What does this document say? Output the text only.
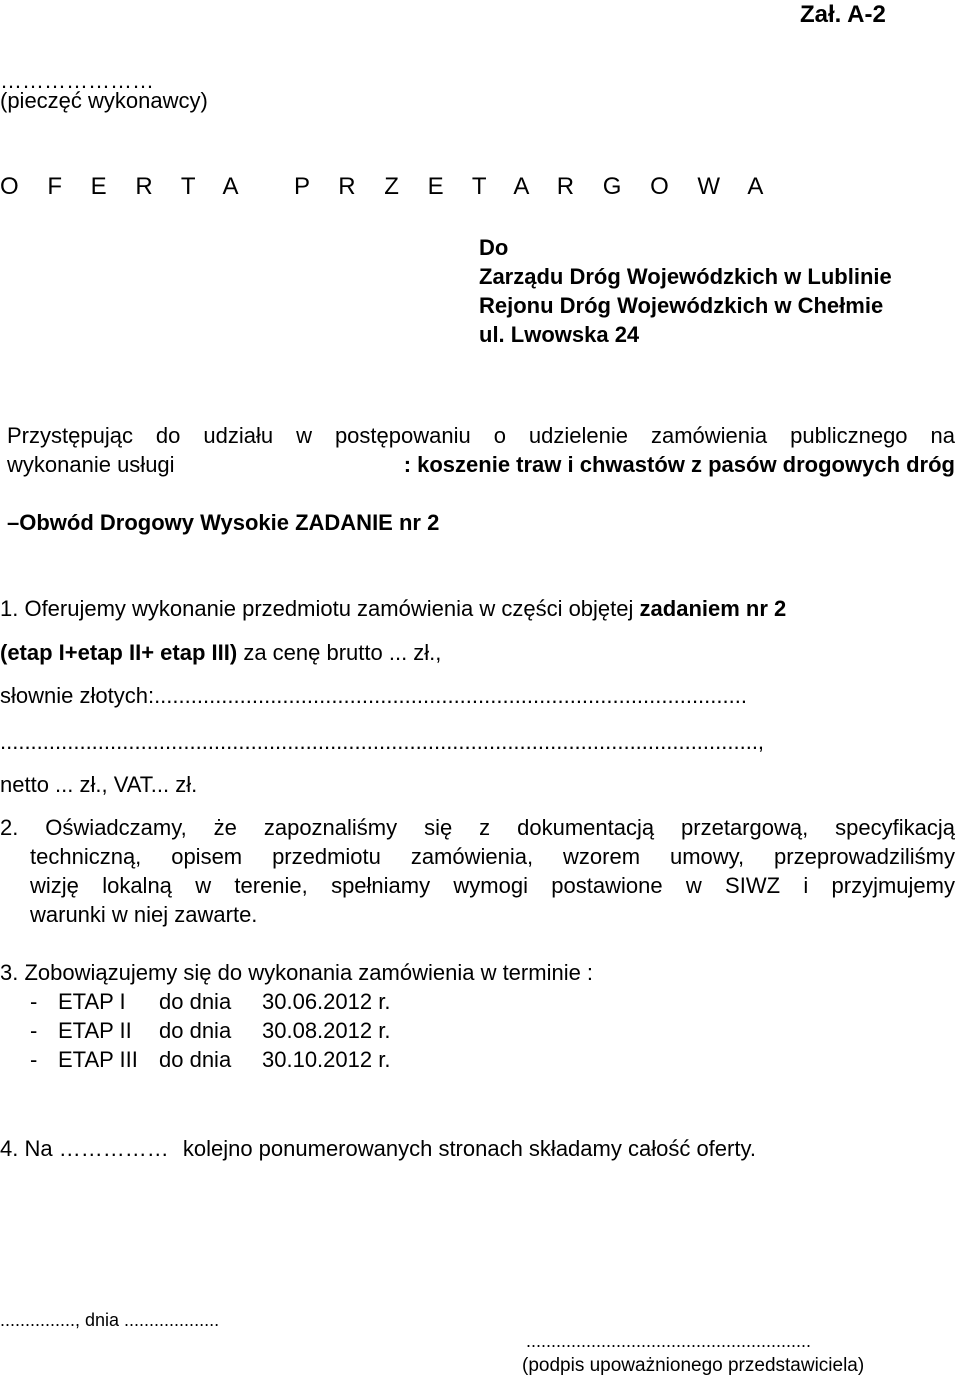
Zał. A-2
…………………
(pieczęć wykonawcy)
O F E R T A P R Z E T A R G O W A
Do
Zarządu Dróg Wojewódzkich w Lublinie
Rejonu Dróg Wojewódzkich w Chełmie
ul. Lwowska 24
Przystępując do udziału w postępowaniu o udzielenie zamówienia publicznego na
wykonanie usługi	: koszenie traw i chwastów z pasów drogowych dróg
–Obwód Drogowy Wysokie ZADANIE nr 2
1. Oferujemy wykonanie przedmiotu zamówienia w części objętej zadaniem nr 2
(etap I+etap II+ etap III) za cenę brutto ... zł.,
słownie złotych:.................................................................................................
............................................................................................................................,
netto ... zł., VAT... zł.
2. Oświadczamy, że zapoznaliśmy się z dokumentacją przetargową, specyfikacją
techniczną, opisem przedmiotu zamówienia, wzorem umowy, przeprowadziliśmy
wizję lokalną w terenie, spełniamy wymogi postawione w SIWZ i przyjmujemy
warunki w niej zawarte.
3. Zobowiązujemy się do wykonania zamówienia w terminie :
- ETAP I do dnia 30.06.2012 r.
- ETAP II do dnia 30.08.2012 r.
- ETAP III do dnia 30.10.2012 r.
4. Na …………… kolejno ponumerowanych stronach składamy całość oferty.
..............., dnia ...................
.........................................................
(podpis upoważnionego przedstawiciela)
